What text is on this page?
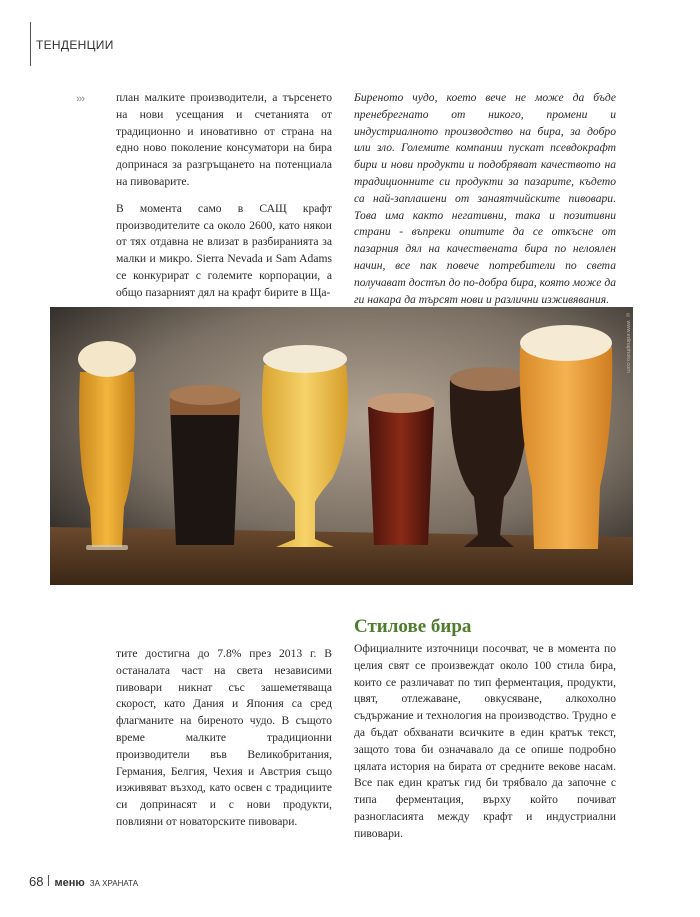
ТЕНДЕНЦИИ
›››	план малките производители, а търсенето на нови усещания и счетанията от традиционно и иновативно от страна на едно ново поколение консуматори на бира допринася за разгръщането на потенциала на пивоварите.

В момента само в САЩ крафт производителите са около 2600, като някои от тях отдавна не влизат в разбиранията за малки и микро. Sierra Nevada и Sam Adams се конкурират с големите корпорации, а общо пазарният дял на крафт бирите в Ща-

Бирeното чудо, което вече не може да бъде пренебрегнато от никого, промени и индустриалното производство на бира, за добро или зло. Големите компании пускат псевдокрафт бири и нови продукти и подобряват качеството на традиционните си продукти за пазарите, където са най-заплашени от занаятчийските пивовари. Това има както негативни, така и позитивни страни - въпреки опитите да се откъсне от пазарния дял на качествената бира по нелоялен начин, все пак повече потребители по света получават достъп до по-добра бира, която може да ги накара да търсят нови и различни изживявания.

© www.edinaphoto.com

тите достигна до 7.8% през 2013 г. В останалата част на света независими пивовари никнат със зашеметяваща скорост, като Дания и Япония са сред флагманите на биреното чудо. В същото време малките традиционни производители във Великобритания, Германия, Белгия, Чехия и Австрия също изживяват възход, като освен с традициите си допринасят и с нови продукти, повлияни от новаторските пивовари.

Стилове бира

Официалните източници посочват, че в момента по целия свят се произвеждат около 100 стила бира, които се различават по тип ферментация, продукти, цвят, отлежаване, овкусяване, алкохолно съдържание и технология на производство. Трудно е да бъдат обхванати всичките в един кратък текст, защото това би означавало да се опише подробно цялата история на бирата от средните векове насам. Все пак един кратък гид би трябвало да започне с типа ферментация, върху който почиват разногласията между крафт и индустриални пивовари.

68 меню ЗА ХРАНАТА
